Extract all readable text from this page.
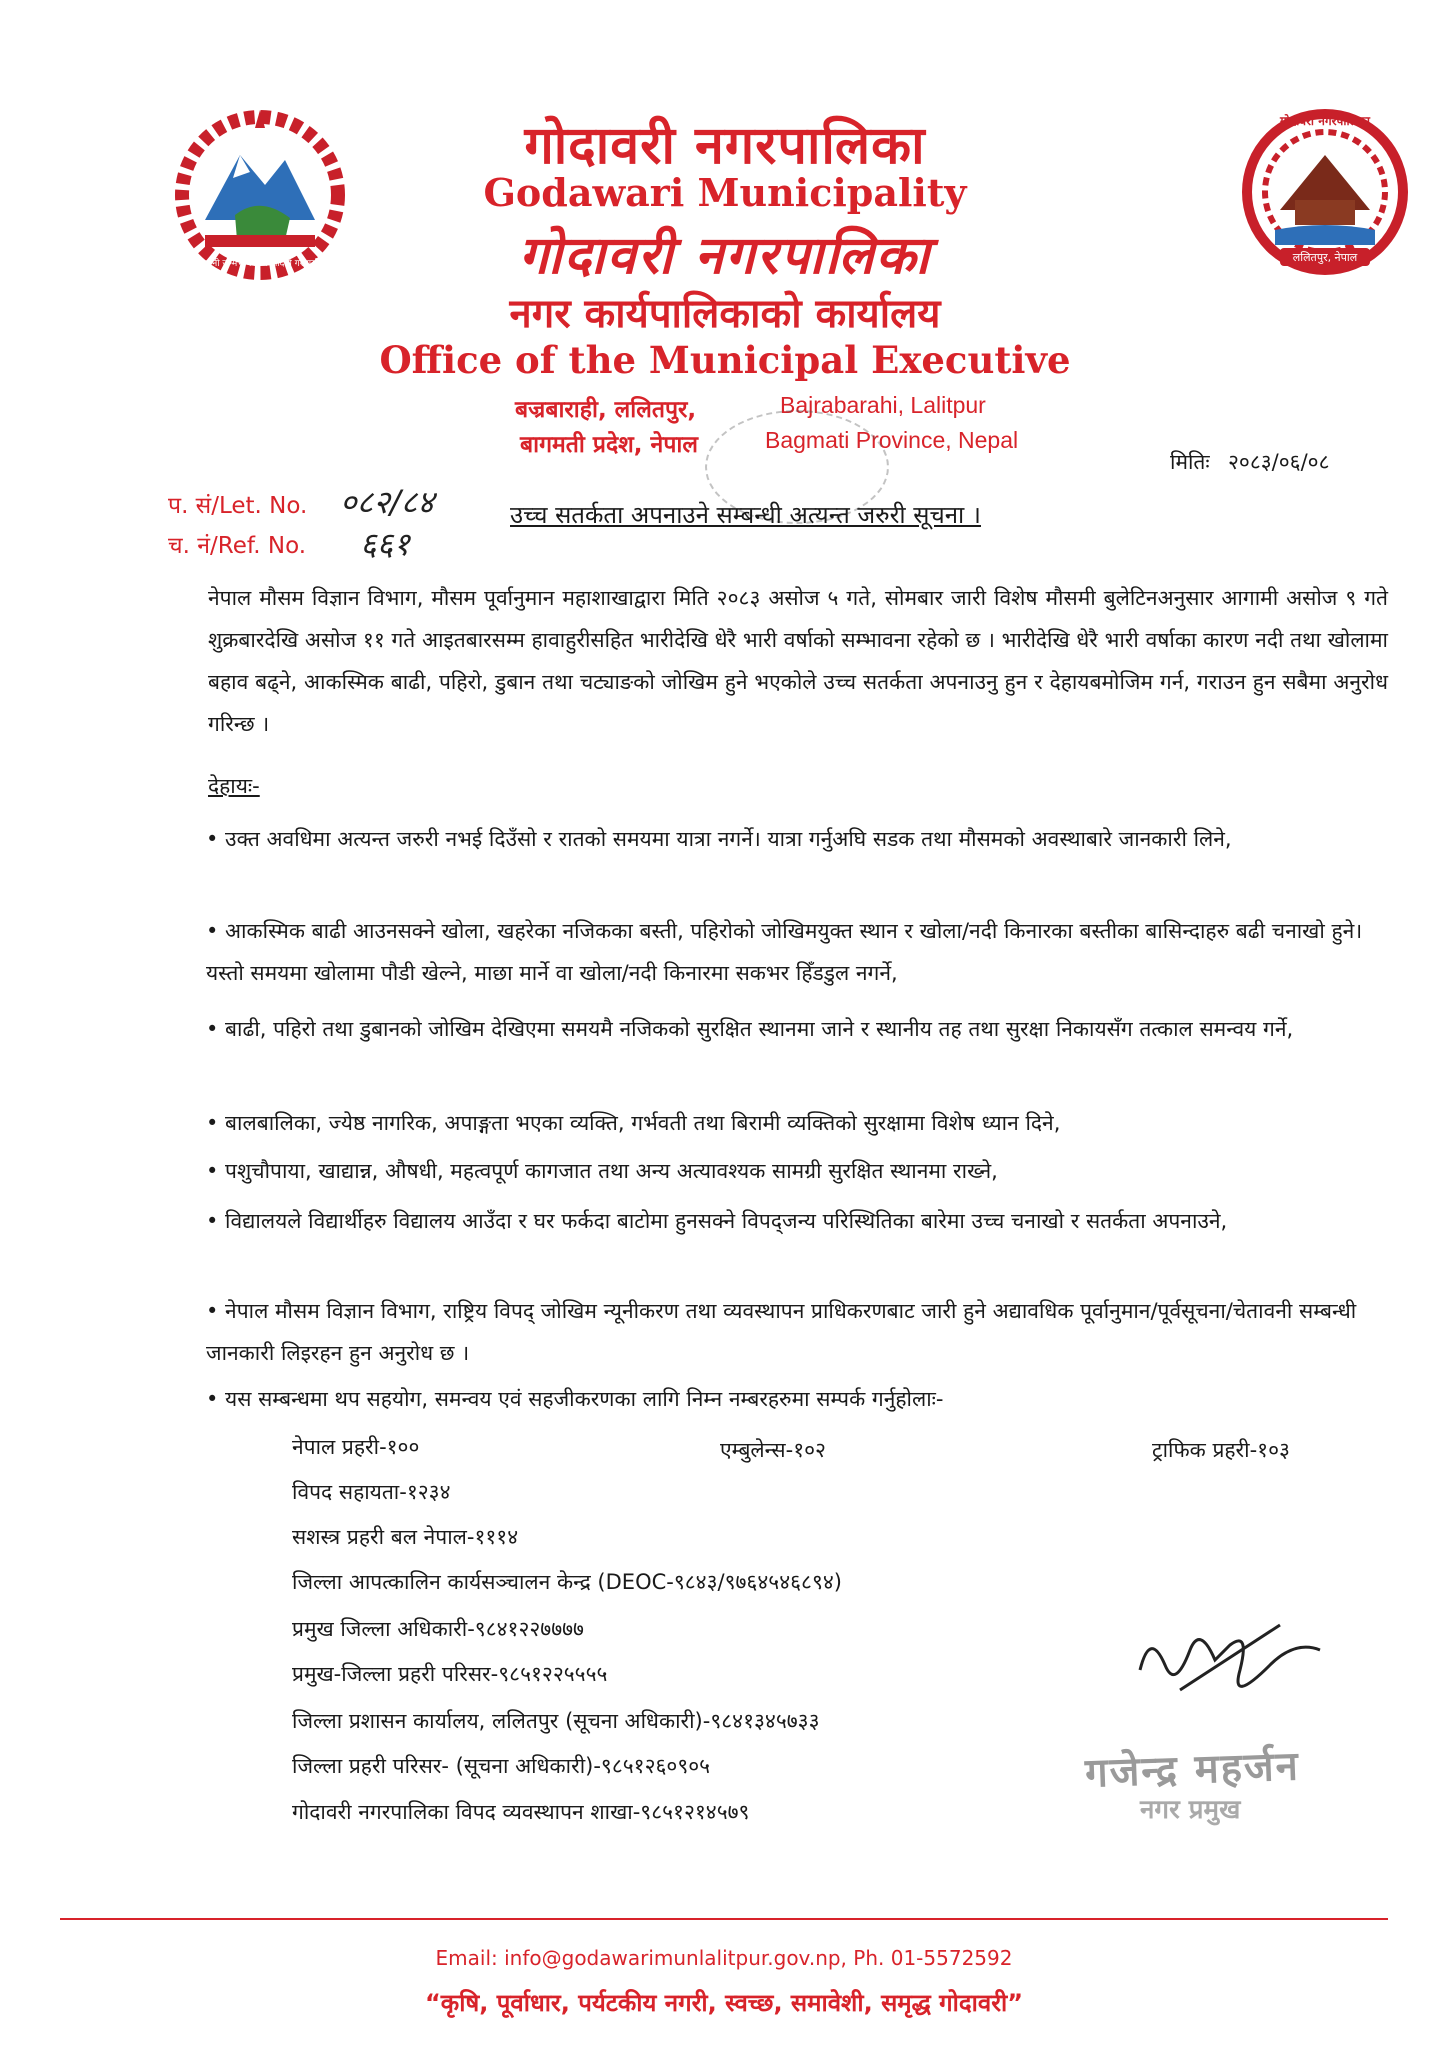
जननी जन्मभूमिश्च स्वर्गादपि गरीयसी
गोदावरी नगरपालिका
ललितपुर, नेपाल
गोदावरी नगरपालिका
Godawari Municipality
गोदावरी नगरपालिका
नगर कार्यपालिकाको कार्यालय
Office of the Municipal Executive
बज्रबाराही, ललितपुर,	Bajrabarahi, Lalitpur
बागमती प्रदेश, नेपाल	Bagmati Province, Nepal
मितिः २०८३/०६/०८
प. सं/Let. No. ०८२/८४
च. नं/Ref. No. ६६१
उच्च सतर्कता अपनाउने सम्बन्धी अत्यन्त जरुरी सूचना ।
नेपाल मौसम विज्ञान विभाग, मौसम पूर्वानुमान महाशाखाद्वारा मिति २०८३ असोज ५ गते, सोमबार जारी विशेष मौसमी बुलेटिनअनुसार आगामी असोज ९ गते शुक्रबारदेखि असोज ११ गते आइतबारसम्म हावाहुरीसहित भारीदेखि धेरै भारी वर्षाको सम्भावना रहेको छ । भारीदेखि धेरै भारी वर्षाका कारण नदी तथा खोलामा बहाव बढ्ने, आकस्मिक बाढी, पहिरो, डुबान तथा चट्याङको जोखिम हुने भएकोले उच्च सतर्कता अपनाउनु हुन र देहायबमोजिम गर्न, गराउन हुन सबैमा अनुरोध गरिन्छ ।
देहायः-
• उक्त अवधिमा अत्यन्त जरुरी नभई दिउँसो र रातको समयमा यात्रा नगर्ने। यात्रा गर्नुअघि सडक तथा मौसमको अवस्थाबारे जानकारी लिने,
• आकस्मिक बाढी आउनसक्ने खोला, खहरेका नजिकका बस्ती, पहिरोको जोखिमयुक्त स्थान र खोला/नदी किनारका बस्तीका बासिन्दाहरु बढी चनाखो हुने। यस्तो समयमा खोलामा पौडी खेल्ने, माछा मार्ने वा खोला/नदी किनारमा सकभर हिँडडुल नगर्ने,
• बाढी, पहिरो तथा डुबानको जोखिम देखिएमा समयमै नजिकको सुरक्षित स्थानमा जाने र स्थानीय तह तथा सुरक्षा निकायसँग तत्काल समन्वय गर्ने,
• बालबालिका, ज्येष्ठ नागरिक, अपाङ्गता भएका व्यक्ति, गर्भवती तथा बिरामी व्यक्तिको सुरक्षामा विशेष ध्यान दिने,
• पशुचौपाया, खाद्यान्न, औषधी, महत्वपूर्ण कागजात तथा अन्य अत्यावश्यक सामग्री सुरक्षित स्थानमा राख्ने,
• विद्यालयले विद्यार्थीहरु विद्यालय आउँदा र घर फर्कदा बाटोमा हुनसक्ने विपद्जन्य परिस्थितिका बारेमा उच्च चनाखो र सतर्कता अपनाउने,
• नेपाल मौसम विज्ञान विभाग, राष्ट्रिय विपद् जोखिम न्यूनीकरण तथा व्यवस्थापन प्राधिकरणबाट जारी हुने अद्यावधिक पूर्वानुमान/पूर्वसूचना/चेतावनी सम्बन्धी जानकारी लिइरहन हुन अनुरोध छ ।
• यस सम्बन्धमा थप सहयोग, समन्वय एवं सहजीकरणका लागि निम्न नम्बरहरुमा सम्पर्क गर्नुहोलाः-
नेपाल प्रहरी-१००	एम्बुलेन्स-१०२	ट्राफिक प्रहरी-१०३
विपद सहायता-१२३४
सशस्त्र प्रहरी बल नेपाल-१११४
जिल्ला आपत्कालिन कार्यसञ्चालन केन्द्र (DEOC-९८४३/९७६४५४६८९४)
प्रमुख जिल्ला अधिकारी-९८४१२२७७७७
प्रमुख-जिल्ला प्रहरी परिसर-९८५१२२५५५५
जिल्ला प्रशासन कार्यालय, ललितपुर (सूचना अधिकारी)-९८४१३४५७३३
जिल्ला प्रहरी परिसर- (सूचना अधिकारी)-९८५१२६०९०५
गोदावरी नगरपालिका विपद व्यवस्थापन शाखा-९८५१२१४५७९
गजेन्द्र महर्जन
नगर प्रमुख
Email: info@godawarimunlalitpur.gov.np, Ph. 01-5572592
“कृषि, पूर्वाधार, पर्यटकीय नगरी, स्वच्छ, समावेशी, समृद्ध गोदावरी”
